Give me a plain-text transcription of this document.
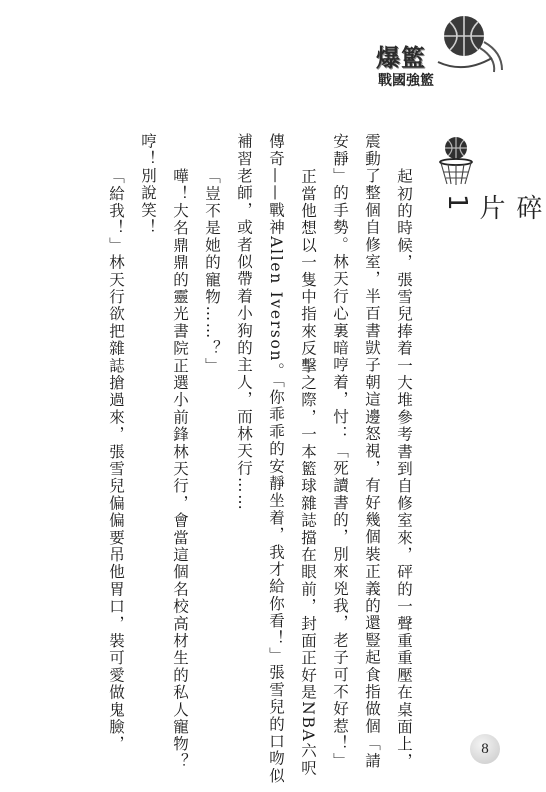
爆籃
戰國強籃
碎片1
起初的時候，張雪兒捧着一大堆參考書到自修室來，砰的一聲重重壓在桌面上，
震動了整個自修室，半百書獃子朝這邊怒視，有好幾個裝正義的還豎起食指做個「請
安靜」的手勢。林天行心裏暗哼着，忖：「死讀書的，別來兇我，老子可不好惹！」
正當他想以一隻中指來反擊之際，一本籃球雜誌擋在眼前，封面正好是NBA六呎
傳奇——戰神Allen Iverson。「你乖乖的安靜坐着，我才給你看！」張雪兒的口吻似
補習老師，或者似帶着小狗的主人，而林天行……
「豈不是她的寵物……？」
嘩！大名鼎鼎的靈光書院正選小前鋒林天行，會當這個名校高材生的私人寵物？
哼！別說笑！
「給我！」林天行欲把雜誌搶過來，張雪兒偏偏要吊他胃口，裝可愛做鬼臉，	8
